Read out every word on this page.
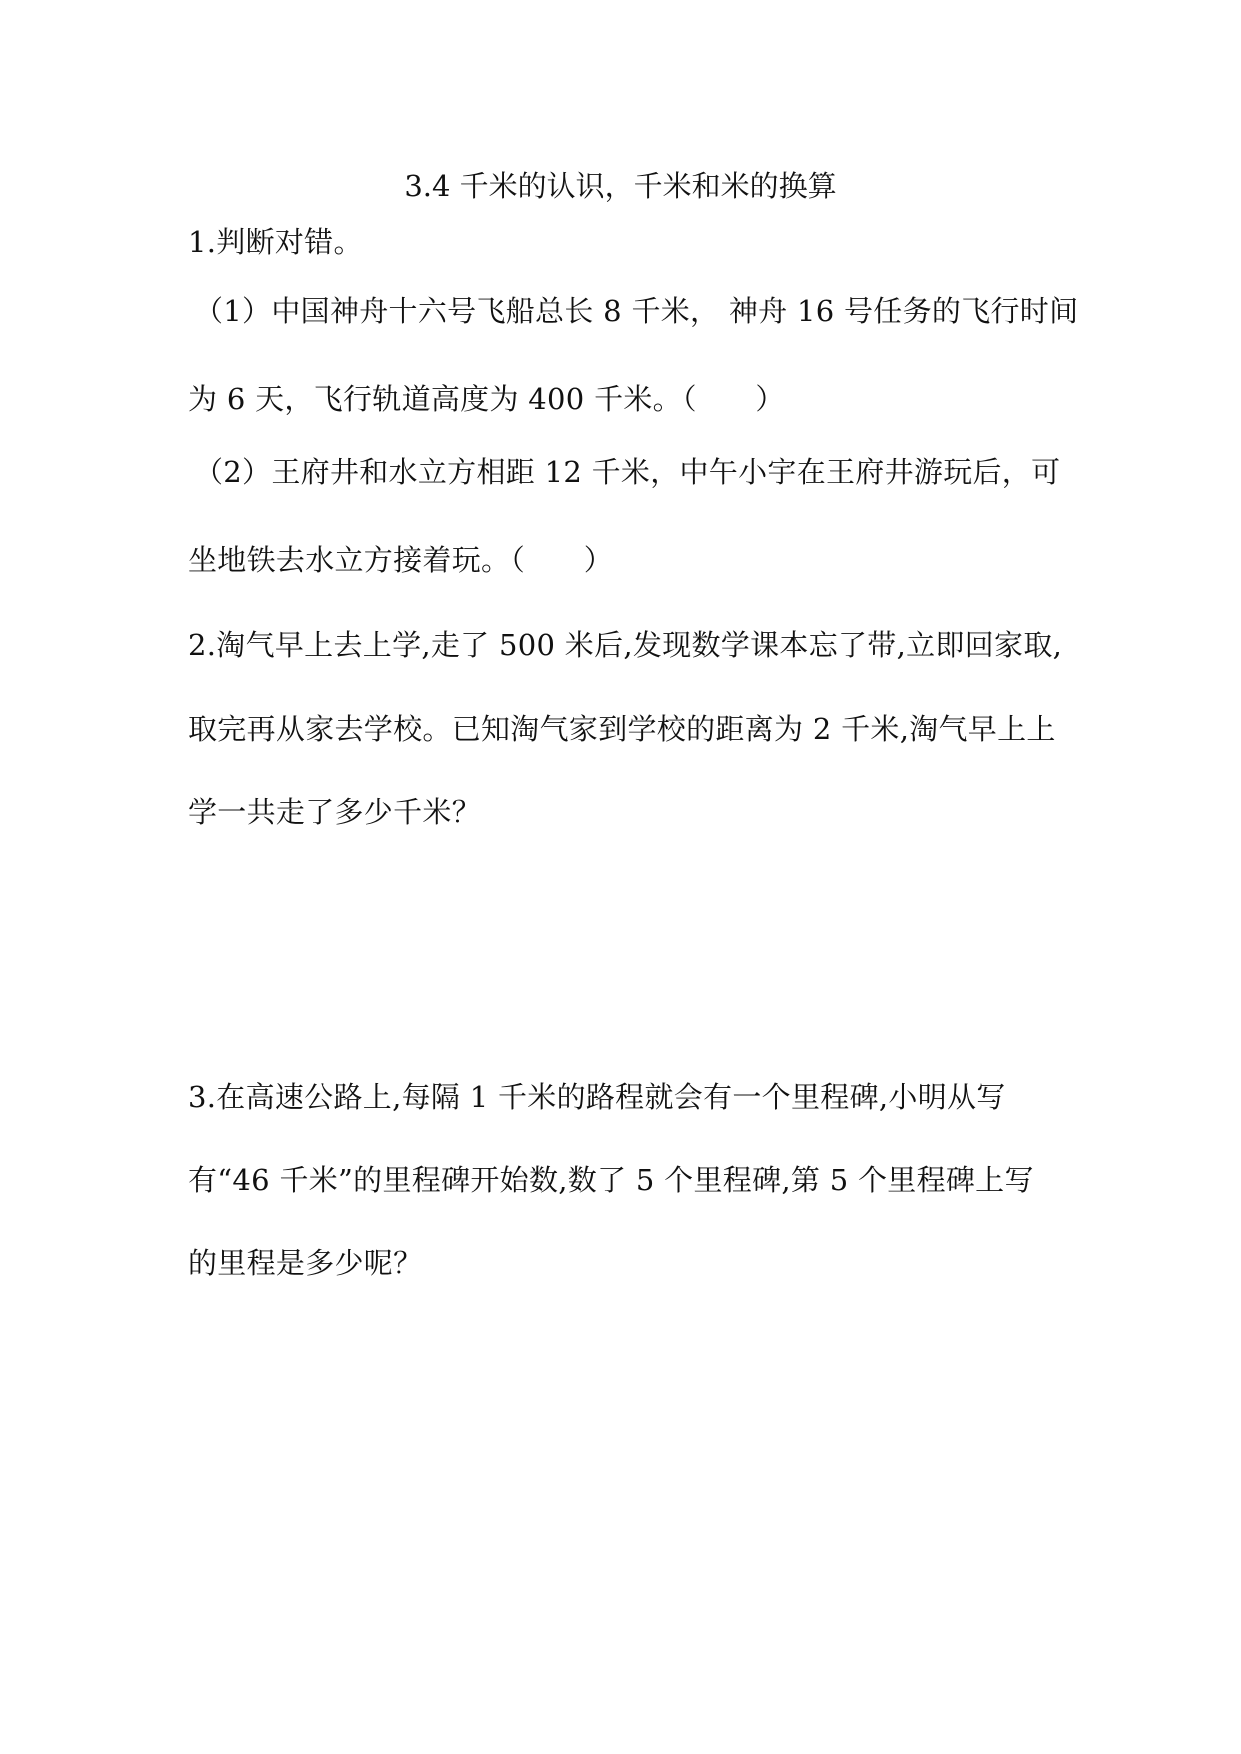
3.4 千米的认识，千米和米的换算
1.判断对错。
（1）中国神舟十六号飞船总长 8 千米， 神舟 16 号任务的飞行时间
为 6 天，飞行轨道高度为 400 千米。（　　）
（2）王府井和水立方相距 12 千米，中午小宇在王府井游玩后，可
坐地铁去水立方接着玩。（　　）
2.淘气早上去上学,走了 500 米后,发现数学课本忘了带,立即回家取,
取完再从家去学校。已知淘气家到学校的距离为 2 千米,淘气早上上
学一共走了多少千米？
3.在高速公路上,每隔 1 千米的路程就会有一个里程碑,小明从写
有“46 千米”的里程碑开始数,数了 5 个里程碑,第 5 个里程碑上写
的里程是多少呢？
